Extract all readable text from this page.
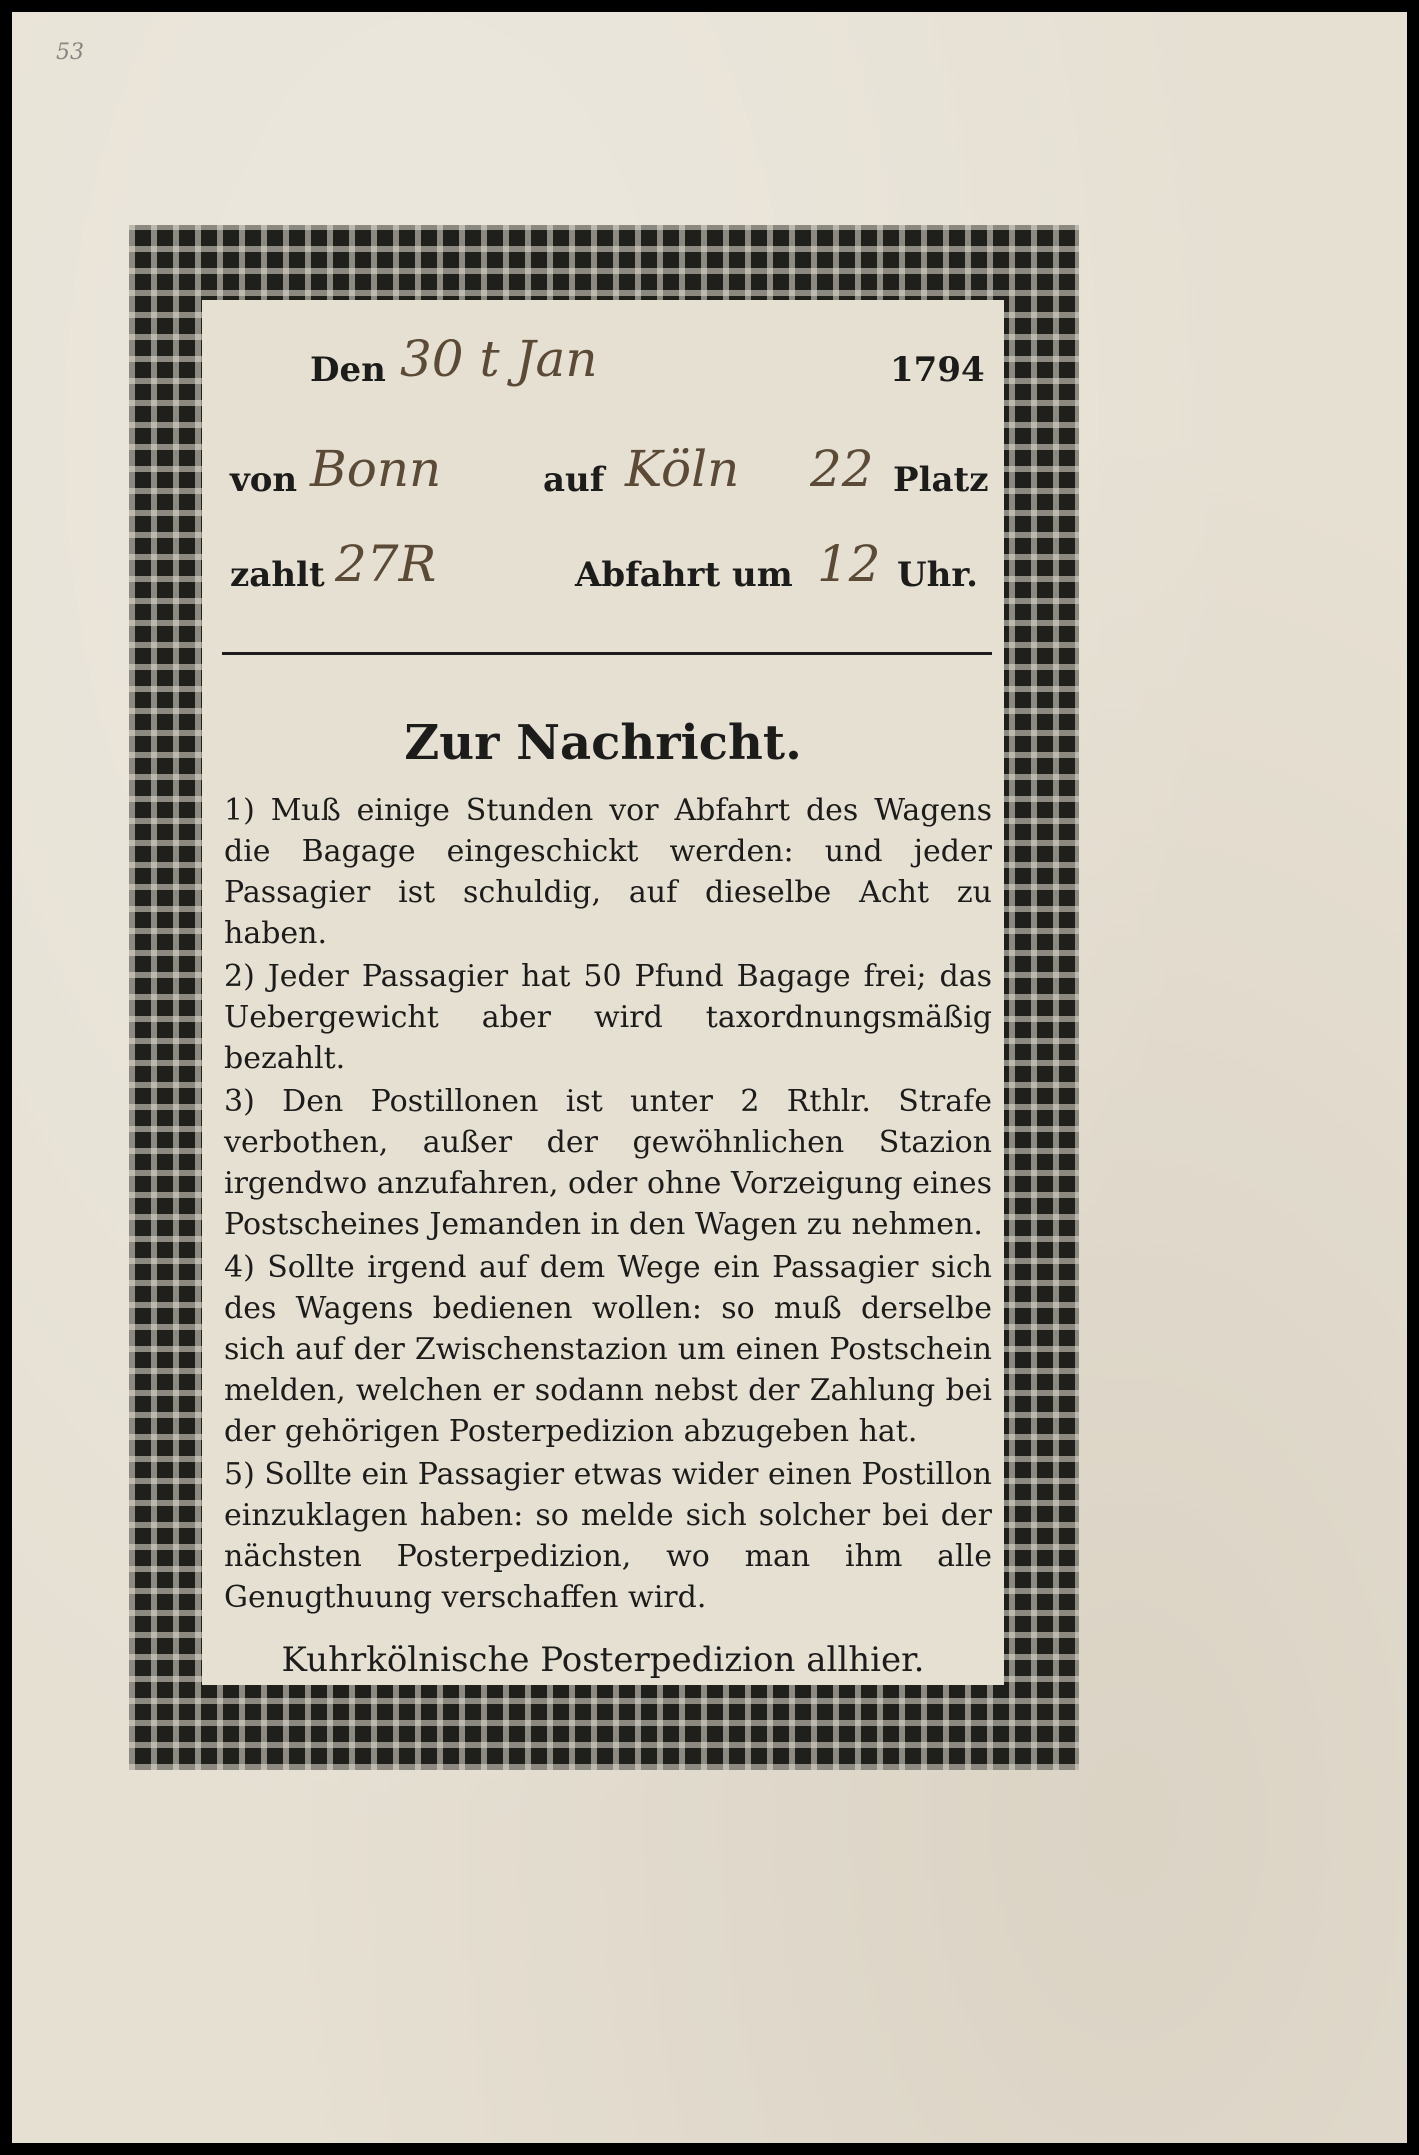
53
Den 30 t Jan	1794
von Bonn	auf Köln 22 Platz
zahlt 27R	Abfahrt um 12 Uhr.
Zur Nachricht.

1) Muß einige Stunden vor Abfahrt des Wagens die Bagage eingeschickt werden: und jeder Passagier ist schuldig, auf dieselbe Acht zu haben.

2) Jeder Passagier hat 50 Pfund Bagage frei; das Uebergewicht aber wird taxordnungsmäßig bezahlt.

3) Den Postillonen ist unter 2 Rthlr. Strafe verbothen, außer der gewöhnlichen Stazion irgendwo anzufahren, oder ohne Vorzeigung eines Postscheines Jemanden in den Wagen zu nehmen.

4) Sollte irgend auf dem Wege ein Passagier sich des Wagens bedienen wollen: so muß derselbe sich auf der Zwischenstazion um einen Postschein melden, welchen er sodann nebst der Zahlung bei der gehörigen Posterpedizion abzugeben hat.

5) Sollte ein Passagier etwas wider einen Postillon einzuklagen haben: so melde sich solcher bei der nächsten Posterpedizion, wo man ihm alle Genugthuung verschaffen wird.

Kuhrkölnische Posterpedizion allhier.
